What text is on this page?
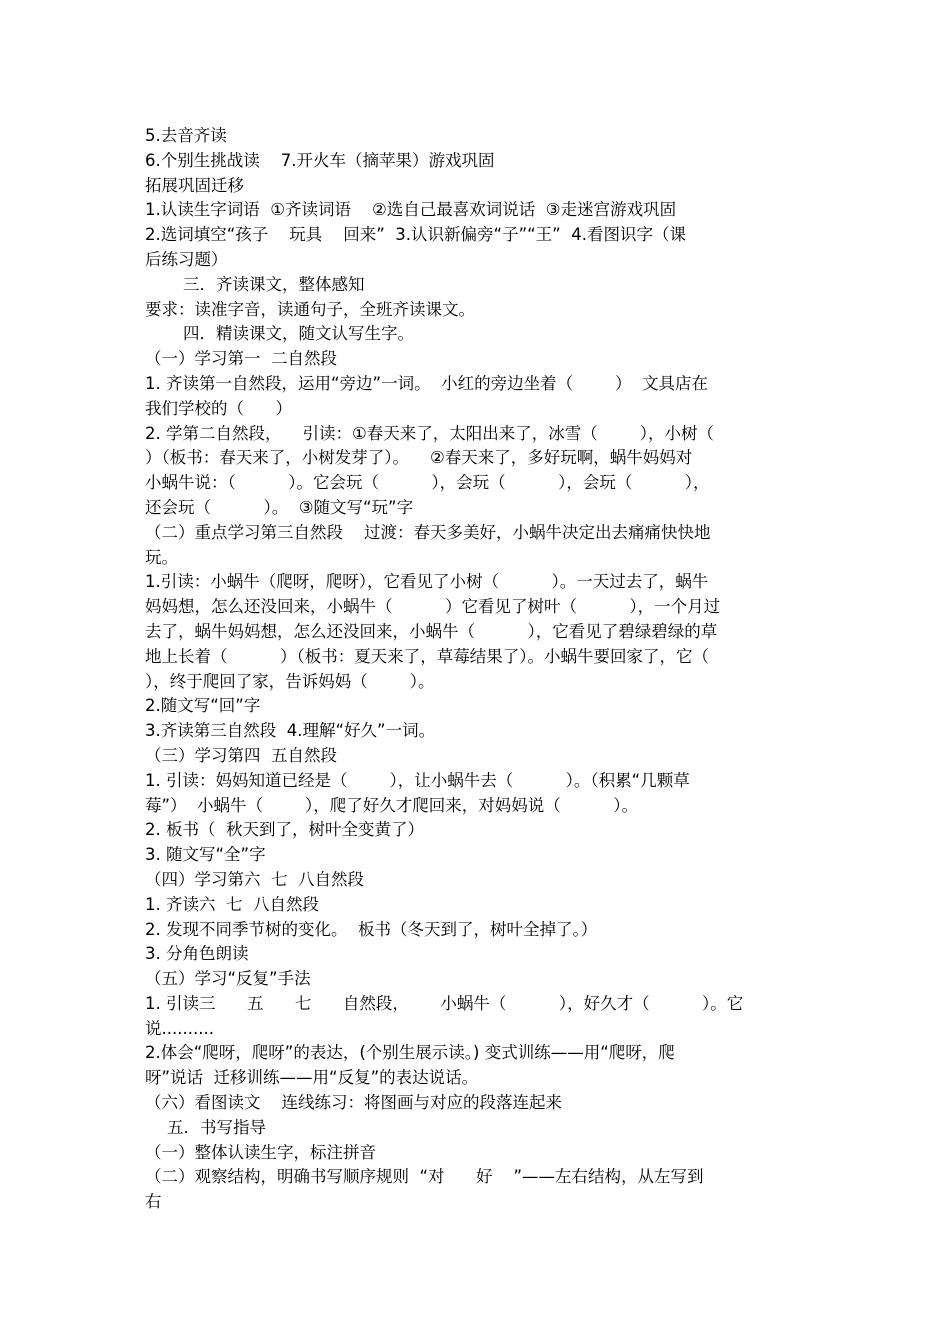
5.去音齐读
6.个别生挑战读    7.开火车（摘苹果）游戏巩固
拓展巩固迁移
1.认读生字词语  ①齐读词语    ②选自己最喜欢词说话  ③走迷宫游戏巩固
2.选词填空“孩子    玩具    回来”  3.认识新偏旁“子”“王”  4.看图识字（课
后练习题）
三．齐读课文，整体感知
要求：读准字音，读通句子，全班齐读课文。
四．精读课文，随文认写生字。
（一）学习第一  二自然段
1. 齐读第一自然段，运用“旁边”一词。  小红的旁边坐着（        ）  文具店在
我们学校的（      ）
2. 学第二自然段，    引读：①春天来了，太阳出来了，冰雪（        ），小树（
）（板书：春天来了，小树发芽了）。    ②春天来了，多好玩啊，蜗牛妈妈对
小蜗牛说：（          ）。它会玩（          ），会玩（          ），会玩（          ），
还会玩（          ）。  ③随文写“玩”字
（二）重点学习第三自然段    过渡：春天多美好，小蜗牛决定出去痛痛快快地
玩。
1.引读：小蜗牛（爬呀，爬呀），它看见了小树（          ）。一天过去了，蜗牛
妈妈想，怎么还没回来，小蜗牛（          ）它看见了树叶（          ），一个月过
去了，蜗牛妈妈想，怎么还没回来，小蜗牛（          ），它看见了碧绿碧绿的草
地上长着（          ）（板书：夏天来了，草莓结果了）。小蜗牛要回家了，它（
），终于爬回了家，告诉妈妈（        ）。
2.随文写“回”字
3.齐读第三自然段  4.理解“好久”一词。
（三）学习第四  五自然段
1. 引读：妈妈知道已经是（        ），让小蜗牛去（          ）。（积累“几颗草
莓”）  小蜗牛（        ），爬了好久才爬回来，对妈妈说（          ）。
2. 板书（  秋天到了，树叶全变黄了）
3. 随文写“全”字
（四）学习第六  七  八自然段
1. 齐读六  七  八自然段
2. 发现不同季节树的变化。  板书（冬天到了，树叶全掉了。）
3. 分角色朗读
（五）学习“反复”手法
1. 引读三      五      七      自然段，      小蜗牛（          ），好久才（          ）。它
说..........
2.体会“爬呀，爬呀”的表达，(个别生展示读。) 变式训练——用“爬呀，爬
呀”说话  迁移训练——用“反复”的表达说话。
（六）看图读文    连线练习：将图画与对应的段落连起来
五．书写指导
（一）整体认读生字，标注拼音
（二）观察结构，明确书写顺序规则  “对      好    ”——左右结构，从左写到
右
